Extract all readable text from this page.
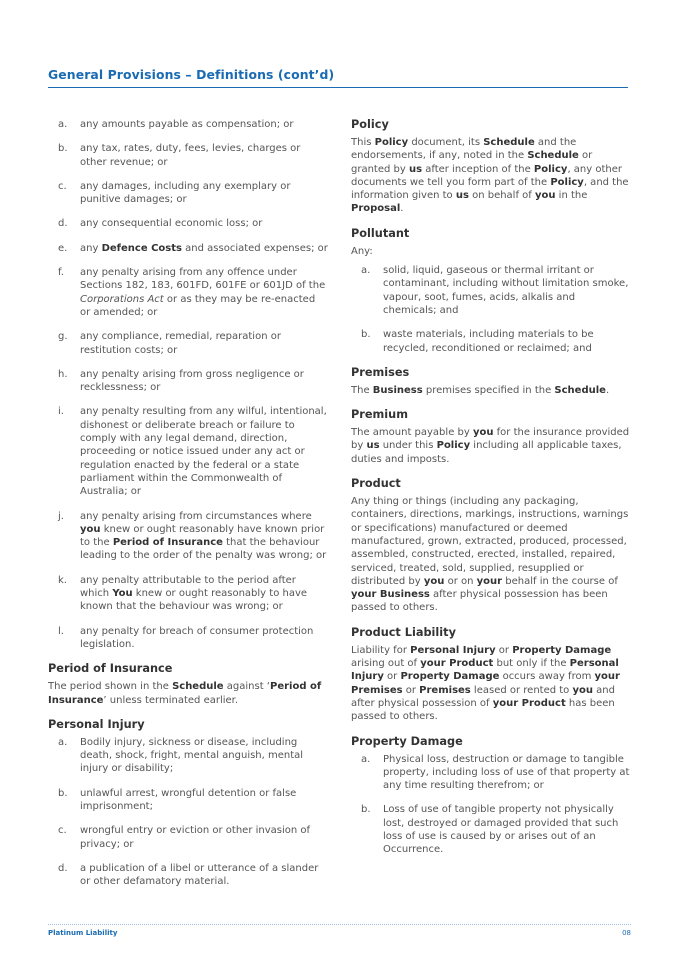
General Provisions – Definitions (cont’d)
a.	any amounts payable as compensation; or
b.	any tax, rates, duty, fees, levies, charges or other revenue; or
c.	any damages, including any exemplary or punitive damages; or
d.	any consequential economic loss; or
e.	any Defence Costs and associated expenses; or
f.	any penalty arising from any offence under Sections 182, 183, 601FD, 601FE or 601JD of the Corporations Act or as they may be re-enacted or amended; or
g.	any compliance, remedial, reparation or restitution costs; or
h.	any penalty arising from gross negligence or recklessness; or
i.	any penalty resulting from any wilful, intentional, dishonest or deliberate breach or failure to comply with any legal demand, direction, proceeding or notice issued under any act or regulation enacted by the federal or a state parliament within the Commonwealth of Australia; or
j.	any penalty arising from circumstances where you knew or ought reasonably have known prior to the Period of Insurance that the behaviour leading to the order of the penalty was wrong; or
k.	any penalty attributable to the period after which You knew or ought reasonably to have known that the behaviour was wrong; or
l.	any penalty for breach of consumer protection legislation.
Period of Insurance

The period shown in the Schedule against ‘Period of Insurance’ unless terminated earlier.

Personal Injury
a.	Bodily injury, sickness or disease, including death, shock, fright, mental anguish, mental injury or disability;
b.	unlawful arrest, wrongful detention or false imprisonment;
c.	wrongful entry or eviction or other invasion of privacy; or
d.	a publication of a libel or utterance of a slander or other defamatory material.
Policy

This Policy document, its Schedule and the endorsements, if any, noted in the Schedule or granted by us after inception of the Policy, any other documents we tell you form part of the Policy, and the information given to us on behalf of you in the Proposal.

Pollutant

Any:

a.	solid, liquid, gaseous or thermal irritant or contaminant, including without limitation smoke, vapour, soot, fumes, acids, alkalis and chemicals; and
b.	waste materials, including materials to be recycled, reconditioned or reclaimed; and
Premises

The Business premises specified in the Schedule.

Premium

The amount payable by you for the insurance provided by us under this Policy including all applicable taxes, duties and imposts.

Product

Any thing or things (including any packaging, containers, directions, markings, instructions, warnings or specifications) manufactured or deemed manufactured, grown, extracted, produced, processed, assembled, constructed, erected, installed, repaired, serviced, treated, sold, supplied, resupplied or distributed by you or on your behalf in the course of your Business after physical possession has been passed to others.

Product Liability

Liability for Personal Injury or Property Damage arising out of your Product but only if the Personal Injury or Property Damage occurs away from your Premises or Premises leased or rented to you and after physical possession of your Product has been passed to others.

Property Damage
a.	Physical loss, destruction or damage to tangible property, including loss of use of that property at any time resulting therefrom; or
b.	Loss of use of tangible property not physically lost, destroyed or damaged provided that such loss of use is caused by or arises out of an Occurrence.
Platinum Liability	08
